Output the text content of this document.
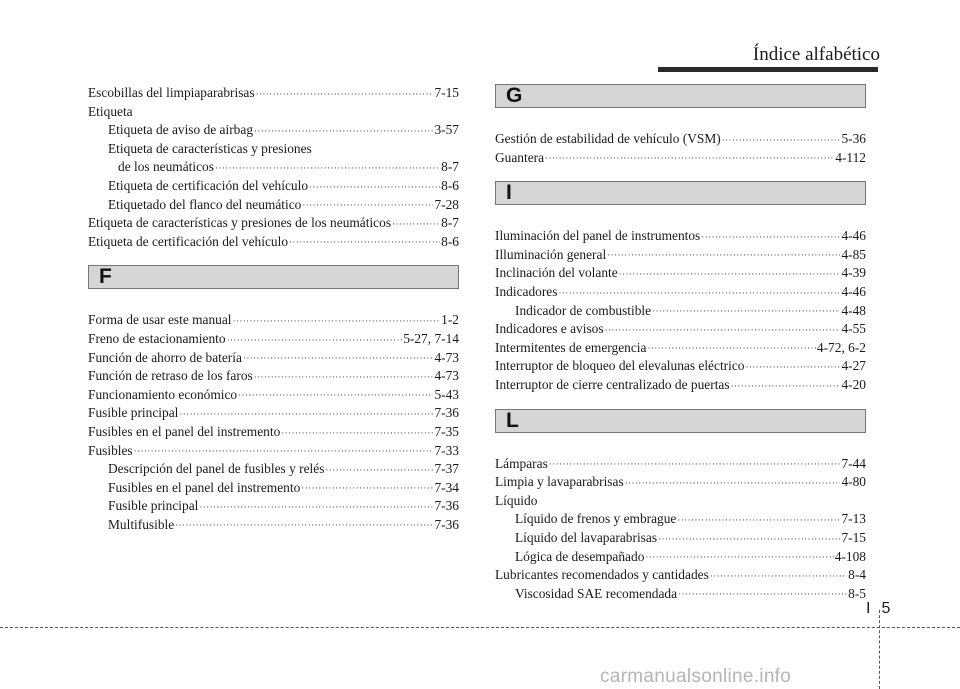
Índice alfabético
Escobillas del limpiaparabrisas ·····	7-15
Etiqueta
Etiqueta de aviso de airbag ·····	3-57
Etiqueta de características y presiones
de los neumáticos ·····	8-7
Etiqueta de certificación del vehículo ·····	8-6
Etiquetado del flanco del neumático ·····	7-28
Etiqueta de características y presiones de los neumáticos ·····	8-7
Etiqueta de certificación del vehículo ·····	8-6
F
Forma de usar este manual ·····	1-2
Freno de estacionamiento ·····	5-27, 7-14
Función de ahorro de batería ·····	4-73
Función de retraso de los faros ·····	4-73
Funcionamiento económico ·····	5-43
Fusible principal ·····	7-36
Fusibles en el panel del instremento ·····	7-35
Fusibles ·····	7-33
Descripción del panel de fusibles y relés ·····	7-37
Fusibles en el panel del instremento ·····	7-34
Fusible principal ·····	7-36
Multifusible ·····	7-36
G
Gestión de estabilidad de vehículo (VSM) ·····	5-36
Guantera ·····	4-112
I
Iluminación del panel de instrumentos ·····	4-46
Illuminación general ·····	4-85
Inclinación del volante ·····	4-39
Indicadores ·····	4-46
Indicador de combustible ·····	4-48
Indicadores e avisos ·····	4-55
Intermitentes de emergencia ·····	4-72, 6-2
Interruptor de bloqueo del elevalunas eléctrico ·····	4-27
Interruptor de cierre centralizado de puertas ·····	4-20
L
Lámparas ·····	7-44
Limpia y lavaparabrisas ·····	4-80
Líquido
Líquido de frenos y embrague ·····	7-13
Líquido del lavaparabrisas ·····	7-15
Lógica de desempañado ·····	4-108
Lubricantes recomendados y cantidades ·····	8-4
Viscosidad SAE recomendada ·····	8-5
I 5
carmanualsonline.info
